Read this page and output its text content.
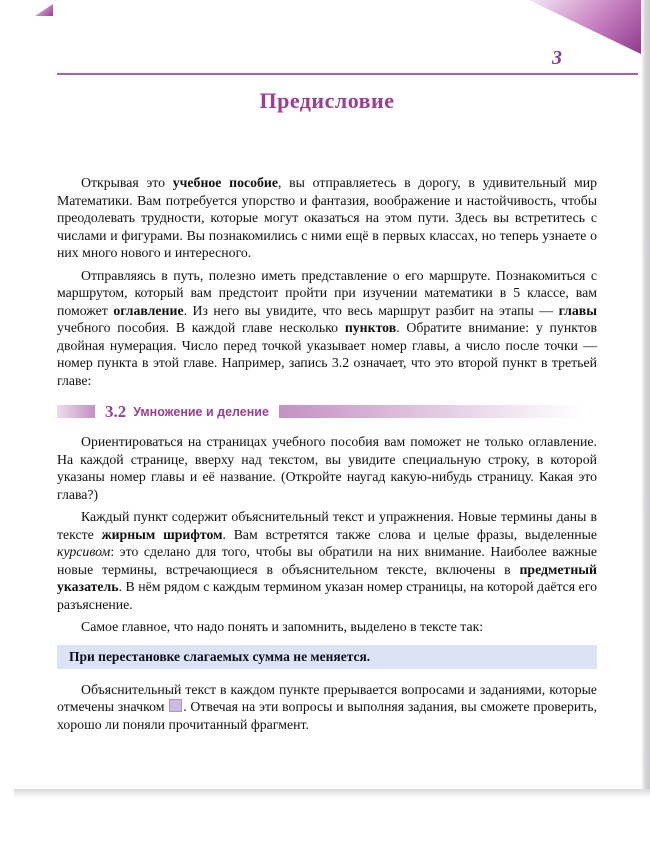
3
Предисловие

Открывая это учебное пособие, вы отправляетесь в дорогу, в удивительный мир Математики. Вам потребуется упорство и фантазия, воображение и настойчивость, чтобы преодолевать трудности, которые могут оказаться на этом пути. Здесь вы встретитесь с числами и фигурами. Вы познакомились с ними ещё в первых классах, но теперь узнаете о них много нового и интересного.

Отправляясь в путь, полезно иметь представление о его маршруте. Познакомиться с маршрутом, который вам предстоит пройти при изучении математики в 5 классе, вам поможет оглавление. Из него вы увидите, что весь маршрут разбит на этапы — главы учебного пособия. В каждой главе несколько пунктов. Обратите внимание: у пунктов двойная нумерация. Число перед точкой указывает номер главы, а число после точки — номер пункта в этой главе. Например, запись 3.2 означает, что это второй пункт в третьей главе:

3.2 Умножение и деление

Ориентироваться на страницах учебного пособия вам поможет не только оглавление. На каждой странице, вверху над текстом, вы увидите специальную строку, в которой указаны номер главы и её название. (Откройте наугад какую-нибудь страницу. Какая это глава?)

Каждый пункт содержит объяснительный текст и упражнения. Новые термины даны в тексте жирным шрифтом. Вам встретятся также слова и целые фразы, выделенные курсивом: это сделано для того, чтобы вы обратили на них внимание. Наиболее важные новые термины, встречающиеся в объяснительном тексте, включены в предметный указатель. В нём рядом с каждым термином указан номер страницы, на которой даётся его разъяснение.

Самое главное, что надо понять и запомнить, выделено в тексте так:

При перестановке слагаемых сумма не меняется.

Объяснительный текст в каждом пункте прерывается вопросами и заданиями, которые отмечены значком . Отвечая на эти вопросы и выполняя задания, вы сможете проверить, хорошо ли поняли прочитанный фрагмент.
